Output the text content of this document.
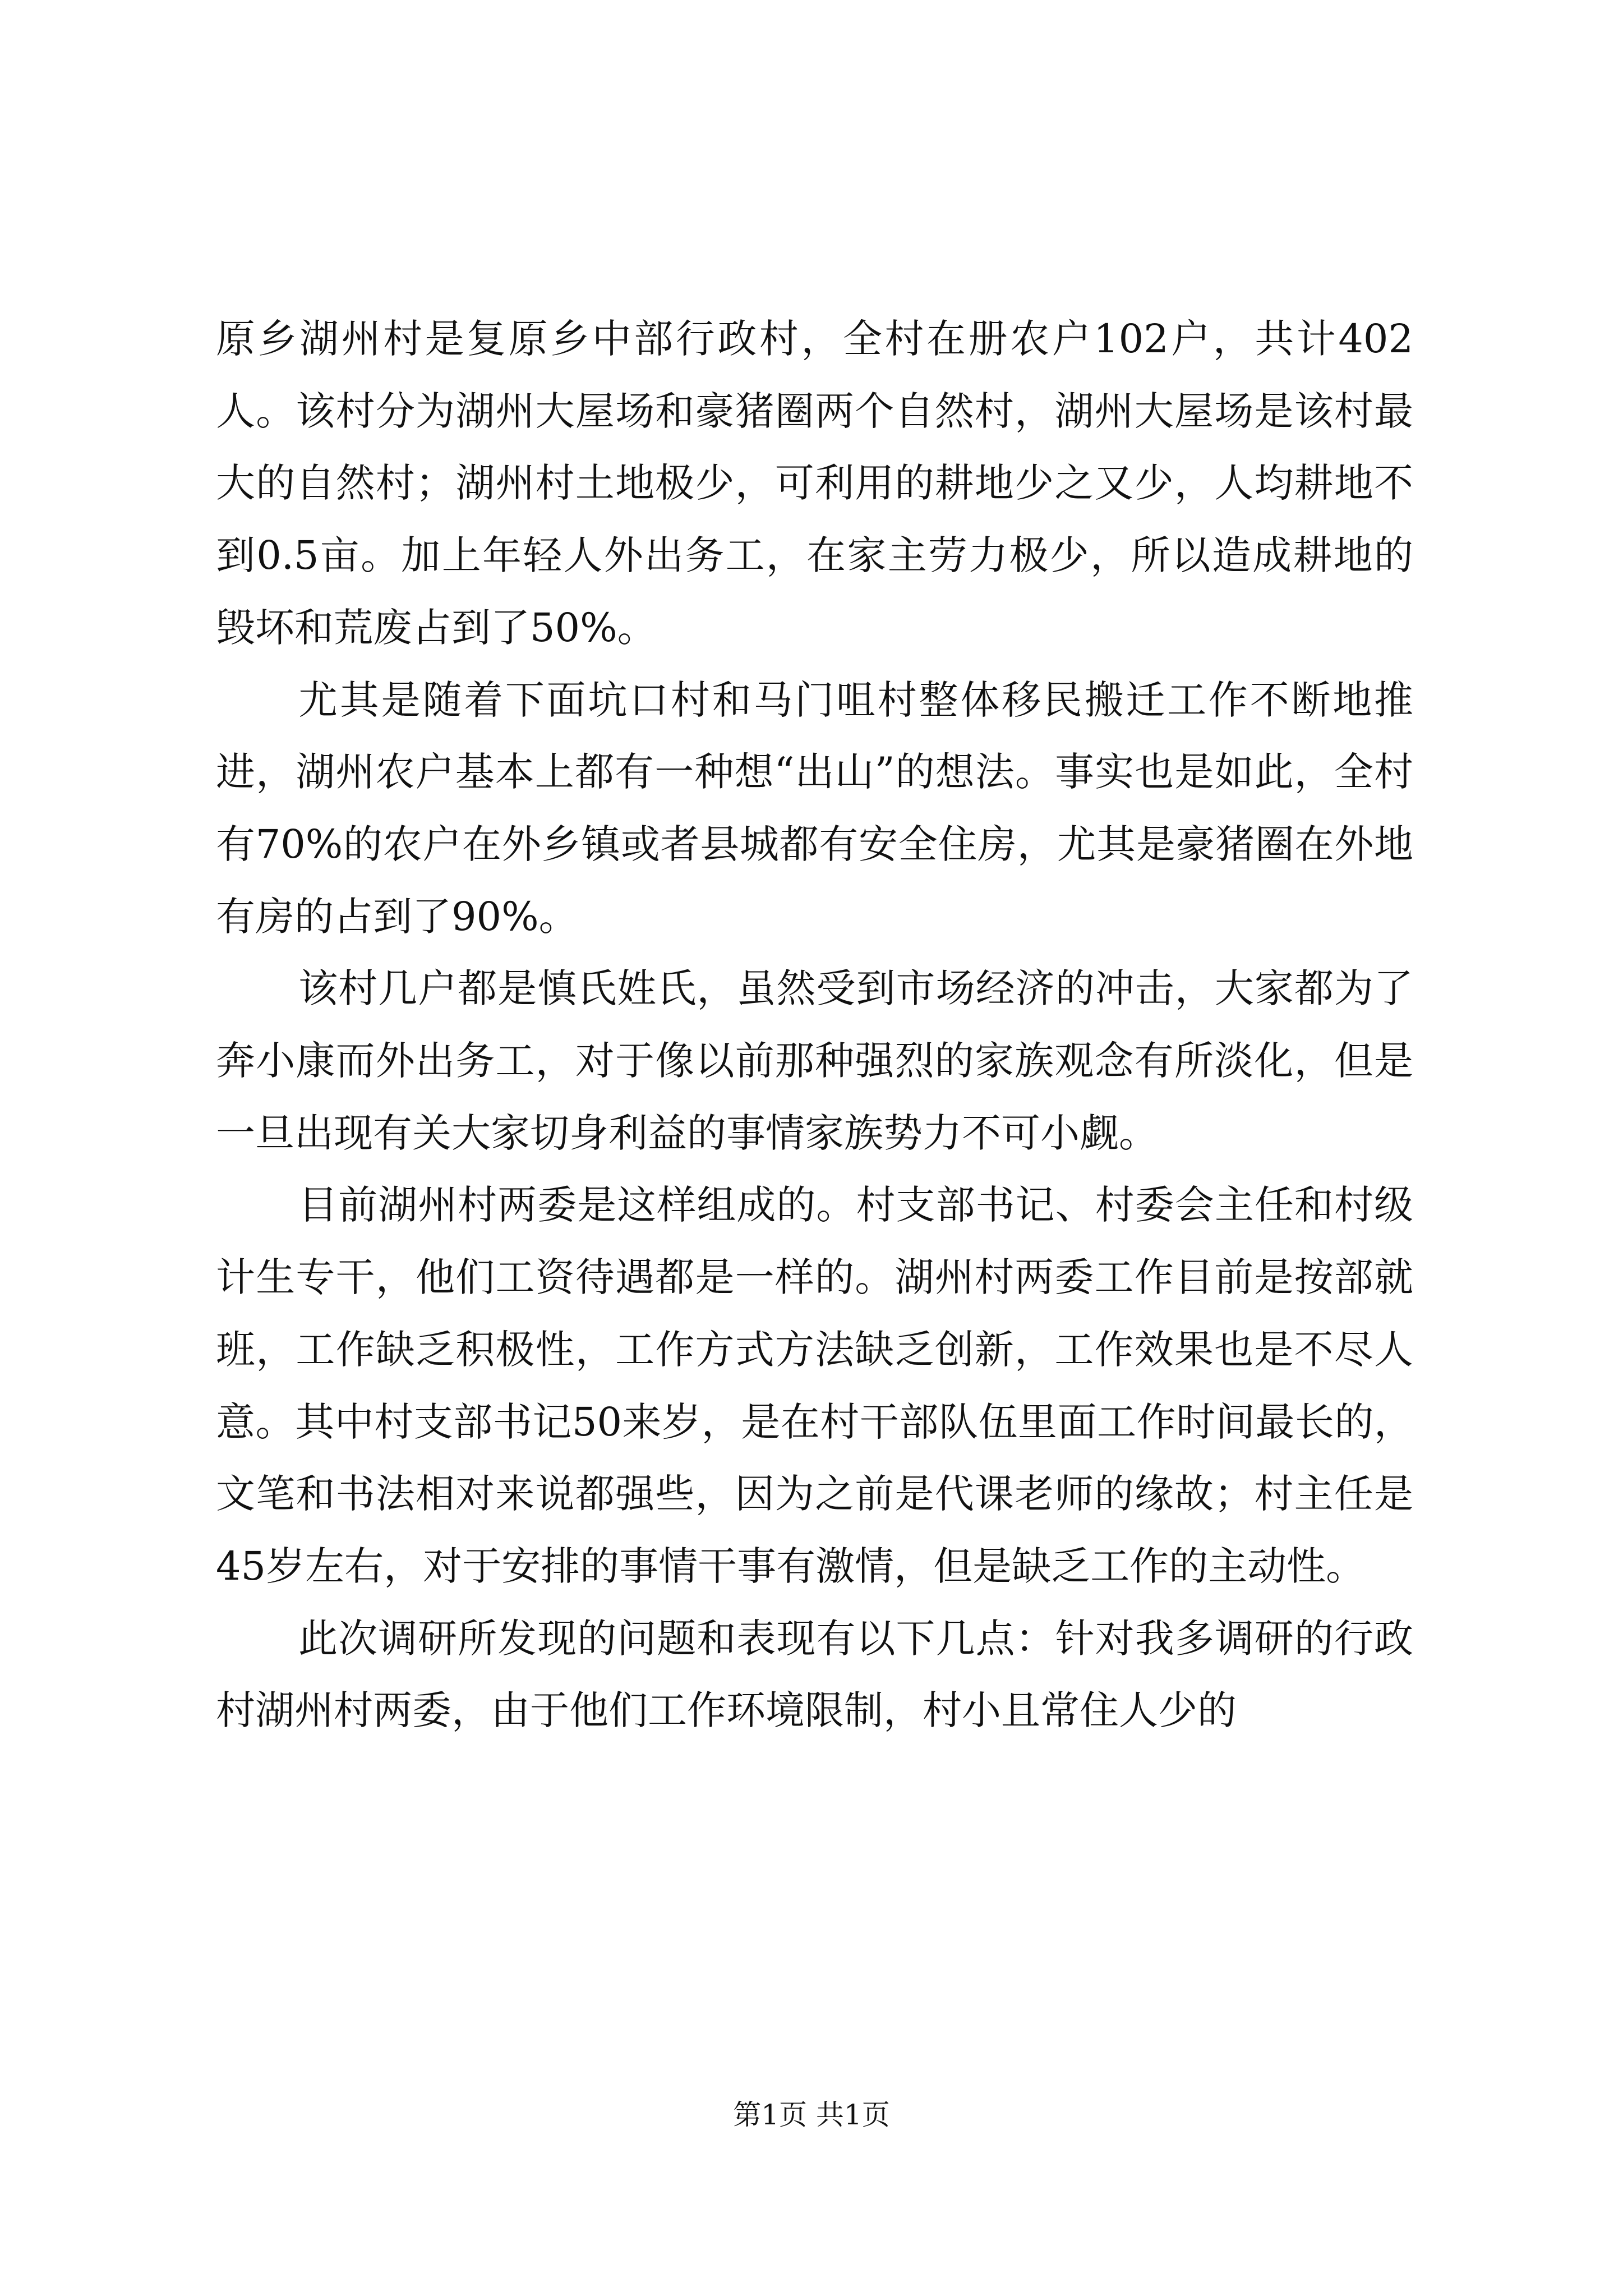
原乡湖州村是复原乡中部行政村，全村在册农户102户，共计402人。该村分为湖州大屋场和豪猪圈两个自然村，湖州大屋场是该村最大的自然村；湖州村土地极少，可利用的耕地少之又少，人均耕地不到0.5亩。加上年轻人外出务工，在家主劳力极少，所以造成耕地的毁坏和荒废占到了50%。

尤其是随着下面坑口村和马门咀村整体移民搬迁工作不断地推进，湖州农户基本上都有一种想“出山”的想法。事实也是如此，全村有70%的农户在外乡镇或者县城都有安全住房，尤其是豪猪圈在外地有房的占到了90%。

该村几户都是慎氏姓氏，虽然受到市场经济的冲击，大家都为了奔小康而外出务工，对于像以前那种强烈的家族观念有所淡化，但是一旦出现有关大家切身利益的事情家族势力不可小觑。

目前湖州村两委是这样组成的。村支部书记、村委会主任和村级计生专干，他们工资待遇都是一样的。湖州村两委工作目前是按部就班，工作缺乏积极性，工作方式方法缺乏创新，工作效果也是不尽人意。其中村支部书记50来岁，是在村干部队伍里面工作时间最长的，文笔和书法相对来说都强些，因为之前是代课老师的缘故；村主任是45岁左右，对于安排的事情干事有激情，但是缺乏工作的主动性。

此次调研所发现的问题和表现有以下几点：针对我多调研的行政村湖州村两委，由于他们工作环境限制，村小且常住人少的

第1页 共1页
